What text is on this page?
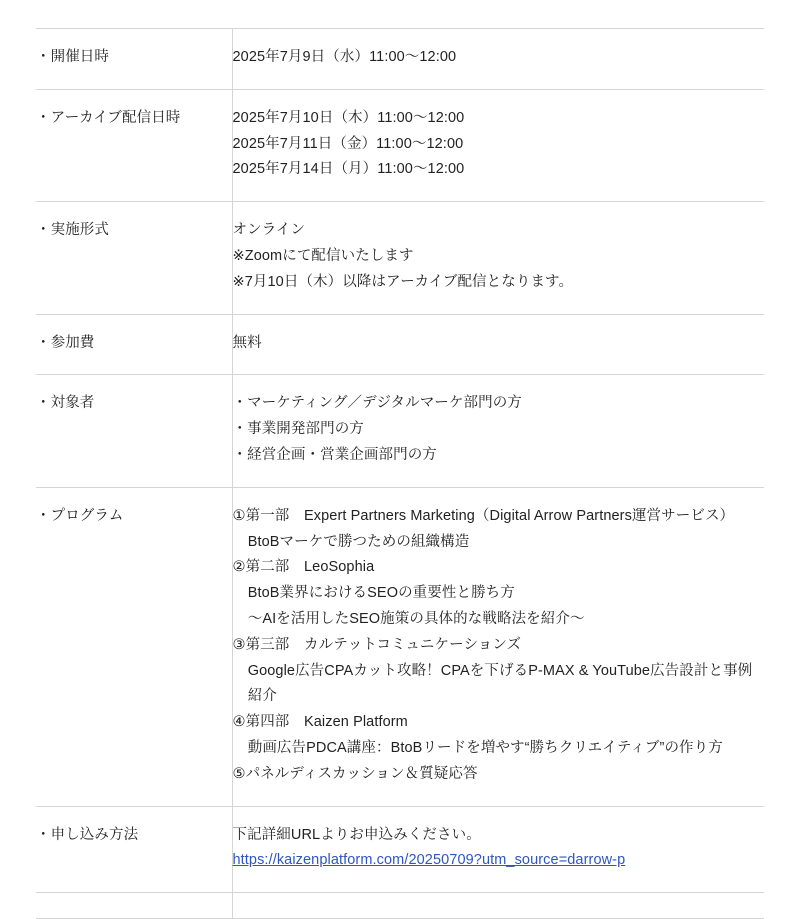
・開催日時	2025年7月9日（水）11:00〜12:00

・アーカイブ配信日時	2025年7月10日（木）11:00〜12:00
2025年7月11日（金）11:00〜12:00
2025年7月14日（月）11:00〜12:00

・実施形式	オンライン
※Zoomにて配信いたします
※7月10日（木）以降はアーカイブ配信となります。

・参加費	無料

・対象者	・マーケティング／デジタルマーケ部門の方
・事業開発部門の方
・経営企画・営業企画部門の方

・プログラム	①第一部　Expert Partners Marketing（Digital Arrow Partners運営サービス）
BtoBマーケで勝つための組織構造
②第二部　LeoSophia
BtoB業界におけるSEOの重要性と勝ち方
〜AIを活用したSEO施策の具体的な戦略法を紹介〜
③第三部　カルテットコミュニケーションズ
Google広告CPAカット攻略！CPAを下げるP-MAX & YouTube広告設計と事例紹介
④第四部　Kaizen Platform
動画広告PDCA講座：BtoBリードを増やす“勝ちクリエイティブ”の作り方
⑤パネルディスカッション＆質疑応答

・申し込み方法	下記詳細URLよりお申込みください。
https://kaizenplatform.com/20250709?utm_source=darrow-p
